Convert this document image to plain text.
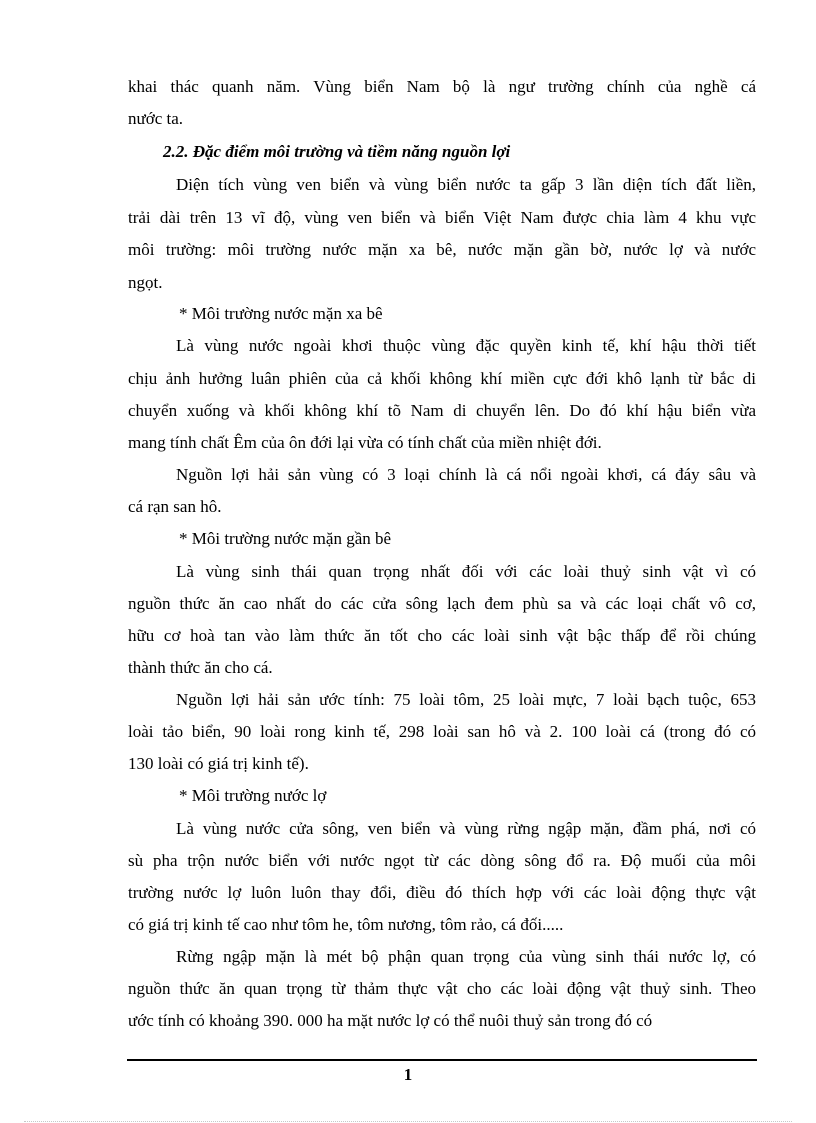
khai thác quanh năm. Vùng biển Nam bộ là ngư trường chính của nghề cá
nước ta.
2.2. Đặc điểm môi trường và tiềm năng nguồn lợi
Diện tích vùng ven biển và vùng biển nước ta gấp 3 lần diện tích đất liền,
trải dài trên 13 vĩ độ, vùng ven biển và biển Việt Nam được chia làm 4 khu vực
môi trường: môi trường nước mặn xa bê, nước mặn gần bờ, nước lợ và nước
ngọt.
* Môi trường nước mặn xa bê
Là vùng nước ngoài khơi thuộc vùng đặc quyền kinh tế, khí hậu thời tiết
chịu ảnh hưởng luân phiên của cả khối không khí miền cực đới khô lạnh từ bắc di
chuyển xuống và khối không khí tõ Nam di chuyển lên. Do đó khí hậu biển vừa
mang tính chất Êm của ôn đới lại vừa có tính chất của miền nhiệt đới.
Nguồn lợi hải sản vùng có 3 loại chính là cá nổi ngoài khơi, cá đáy sâu và
cá rạn san hô.
* Môi trường nước mặn gần bê
Là vùng sinh thái quan trọng nhất đối với các loài thuỷ sinh vật vì có
nguồn thức ăn cao nhất do các cửa sông lạch đem phù sa và các loại chất vô cơ,
hữu cơ hoà tan vào làm thức ăn tốt cho các loài sinh vật bậc thấp để rồi chúng
thành thức ăn cho cá.
Nguồn lợi hải sản ước tính: 75 loài tôm, 25 loài mực, 7 loài bạch tuộc, 653
loài tảo biển, 90 loài rong kinh tế, 298 loài san hô và 2. 100 loài cá (trong đó có
130 loài có giá trị kinh tế).
* Môi trường nước lợ
Là vùng nước cửa sông, ven biển và vùng rừng ngập mặn, đầm phá, nơi có
sù pha trộn nước biển với nước ngọt từ các dòng sông đổ ra. Độ muối của môi
trường nước lợ luôn luôn thay đổi, điều đó thích hợp với các loài động thực vật
có giá trị kinh tế cao như tôm he, tôm nương, tôm rảo, cá đối.....
Rừng ngập mặn là mét bộ phận quan trọng của vùng sinh thái nước lợ, có
nguồn thức ăn quan trọng từ thảm thực vật cho các loài động vật thuỷ sinh. Theo
ước tính có khoảng 390. 000 ha mặt nước lợ có thể nuôi thuỷ sản trong đó có
1
